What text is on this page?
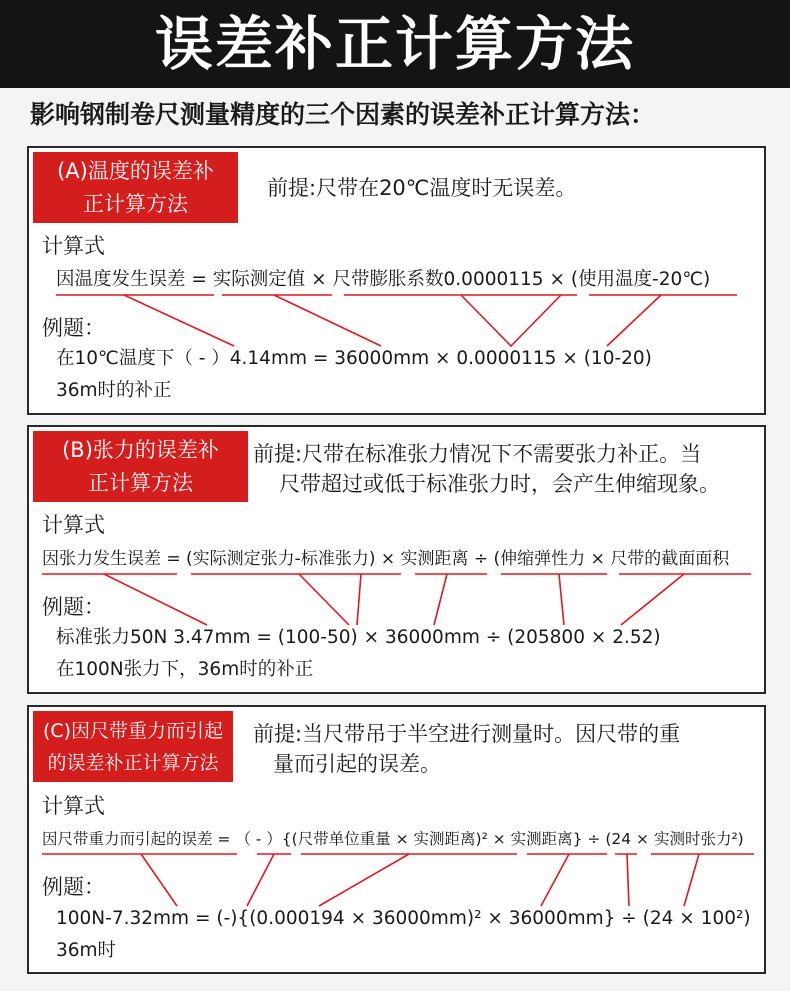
误差补正计算方法
影响钢制卷尺测量精度的三个因素的误差补正计算方法：
(A)温度的误差补
正计算方法
前提:尺带在20℃温度时无误差。
计算式
因温度发生误差 = 实际测定值 × 尺带膨胀系数0.0000115 × (使用温度-20℃)
例题：
在10℃温度下（ - ）4.14mm = 36000mm × 0.0000115 × (10-20)
36m时的补正
(B)张力的误差补
正计算方法
前提:尺带在标准张力情况下不需要张力补正。当
尺带超过或低于标准张力时，会产生伸缩现象。
计算式
因张力发生误差 = (实际测定张力-标准张力) × 实测距离 ÷ (伸缩弹性力 × 尺带的截面面积
例题：
标准张力50N 3.47mm = (100-50) × 36000mm ÷ (205800 × 2.52)
在100N张力下，36m时的补正
(C)因尺带重力而引起
的误差补正计算方法
前提:当尺带吊于半空进行测量时。因尺带的重
量而引起的误差。
计算式
因尺带重力而引起的误差 = （ - ）{(尺带单位重量 × 实测距离)² × 实测距离} ÷ (24 × 实测时张力²)
例题：
100N-7.32mm = (-){(0.000194 × 36000mm)² × 36000mm} ÷ (24 × 100²)
36m时
